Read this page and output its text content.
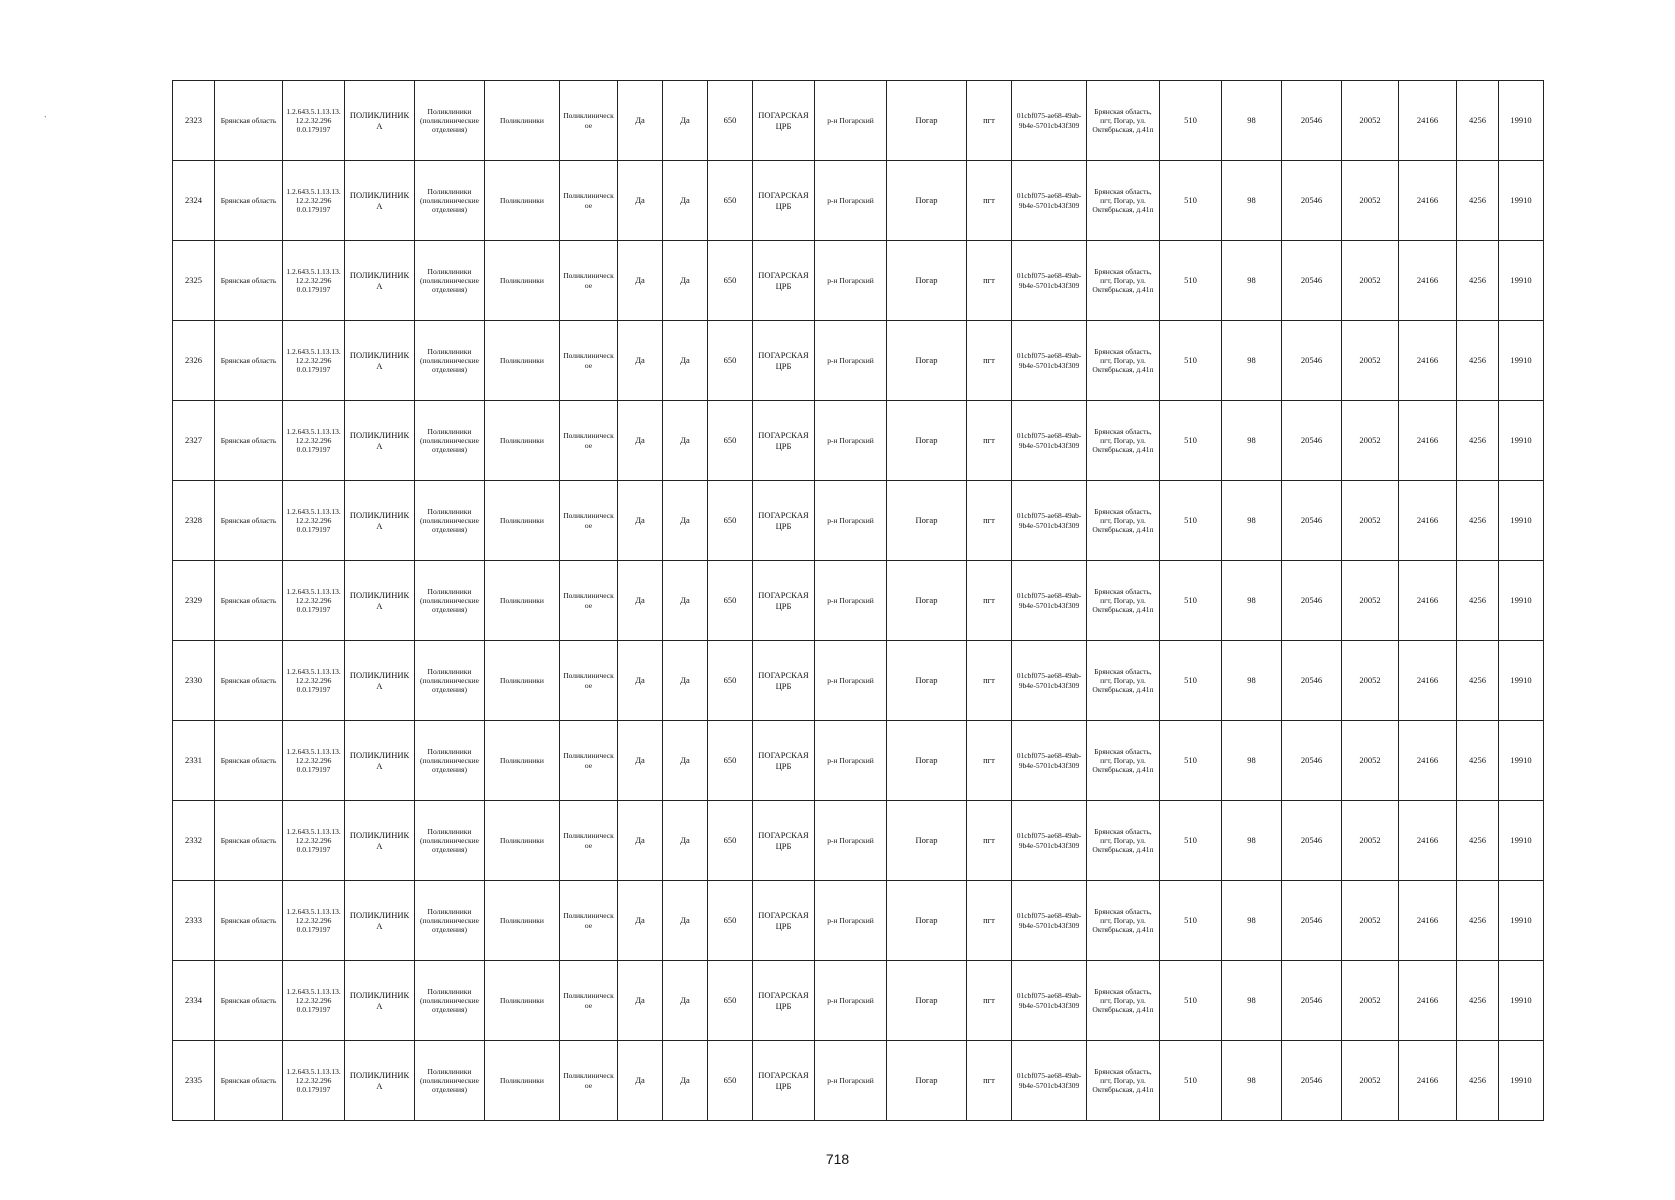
`	2323	Брянская область	1.2.643.5.1.13.13.12.2.32.296 0.0.179197	ПОЛИКЛИНИКА	Поликлиники (поликлинические отделения)	Поликлиники	Поликлиническое	Да	Да	650	ПОГАРСКАЯ ЦРБ	р-н Погарский	Погар	пгт	01cbf075-ae68-49ab-9b4e-5701cb43f309	Брянская область, пгт, Погар, ул. Октябрьская, д.41п	510	98	20546	20052	24166	4256	19910
2324	Брянская область	1.2.643.5.1.13.13.12.2.32.296 0.0.179197	ПОЛИКЛИНИКА	Поликлиники (поликлинические отделения)	Поликлиники	Поликлиническое	Да	Да	650	ПОГАРСКАЯ ЦРБ	р-н Погарский	Погар	пгт	01cbf075-ae68-49ab-9b4e-5701cb43f309	Брянская область, пгт, Погар, ул. Октябрьская, д.41п	510	98	20546	20052	24166	4256	19910
2325	Брянская область	1.2.643.5.1.13.13.12.2.32.296 0.0.179197	ПОЛИКЛИНИКА	Поликлиники (поликлинические отделения)	Поликлиники	Поликлиническое	Да	Да	650	ПОГАРСКАЯ ЦРБ	р-н Погарский	Погар	пгт	01cbf075-ae68-49ab-9b4e-5701cb43f309	Брянская область, пгт, Погар, ул. Октябрьская, д.41п	510	98	20546	20052	24166	4256	19910
2326	Брянская область	1.2.643.5.1.13.13.12.2.32.296 0.0.179197	ПОЛИКЛИНИКА	Поликлиники (поликлинические отделения)	Поликлиники	Поликлиническое	Да	Да	650	ПОГАРСКАЯ ЦРБ	р-н Погарский	Погар	пгт	01cbf075-ae68-49ab-9b4e-5701cb43f309	Брянская область, пгт, Погар, ул. Октябрьская, д.41п	510	98	20546	20052	24166	4256	19910
2327	Брянская область	1.2.643.5.1.13.13.12.2.32.296 0.0.179197	ПОЛИКЛИНИКА	Поликлиники (поликлинические отделения)	Поликлиники	Поликлиническое	Да	Да	650	ПОГАРСКАЯ ЦРБ	р-н Погарский	Погар	пгт	01cbf075-ae68-49ab-9b4e-5701cb43f309	Брянская область, пгт, Погар, ул. Октябрьская, д.41п	510	98	20546	20052	24166	4256	19910
2328	Брянская область	1.2.643.5.1.13.13.12.2.32.296 0.0.179197	ПОЛИКЛИНИКА	Поликлиники (поликлинические отделения)	Поликлиники	Поликлиническое	Да	Да	650	ПОГАРСКАЯ ЦРБ	р-н Погарский	Погар	пгт	01cbf075-ae68-49ab-9b4e-5701cb43f309	Брянская область, пгт, Погар, ул. Октябрьская, д.41п	510	98	20546	20052	24166	4256	19910
2329	Брянская область	1.2.643.5.1.13.13.12.2.32.296 0.0.179197	ПОЛИКЛИНИКА	Поликлиники (поликлинические отделения)	Поликлиники	Поликлиническое	Да	Да	650	ПОГАРСКАЯ ЦРБ	р-н Погарский	Погар	пгт	01cbf075-ae68-49ab-9b4e-5701cb43f309	Брянская область, пгт, Погар, ул. Октябрьская, д.41п	510	98	20546	20052	24166	4256	19910
2330	Брянская область	1.2.643.5.1.13.13.12.2.32.296 0.0.179197	ПОЛИКЛИНИКА	Поликлиники (поликлинические отделения)	Поликлиники	Поликлиническое	Да	Да	650	ПОГАРСКАЯ ЦРБ	р-н Погарский	Погар	пгт	01cbf075-ae68-49ab-9b4e-5701cb43f309	Брянская область, пгт, Погар, ул. Октябрьская, д.41п	510	98	20546	20052	24166	4256	19910
2331	Брянская область	1.2.643.5.1.13.13.12.2.32.296 0.0.179197	ПОЛИКЛИНИКА	Поликлиники (поликлинические отделения)	Поликлиники	Поликлиническое	Да	Да	650	ПОГАРСКАЯ ЦРБ	р-н Погарский	Погар	пгт	01cbf075-ae68-49ab-9b4e-5701cb43f309	Брянская область, пгт, Погар, ул. Октябрьская, д.41п	510	98	20546	20052	24166	4256	19910
2332	Брянская область	1.2.643.5.1.13.13.12.2.32.296 0.0.179197	ПОЛИКЛИНИКА	Поликлиники (поликлинические отделения)	Поликлиники	Поликлиническое	Да	Да	650	ПОГАРСКАЯ ЦРБ	р-н Погарский	Погар	пгт	01cbf075-ae68-49ab-9b4e-5701cb43f309	Брянская область, пгт, Погар, ул. Октябрьская, д.41п	510	98	20546	20052	24166	4256	19910
2333	Брянская область	1.2.643.5.1.13.13.12.2.32.296 0.0.179197	ПОЛИКЛИНИКА	Поликлиники (поликлинические отделения)	Поликлиники	Поликлиническое	Да	Да	650	ПОГАРСКАЯ ЦРБ	р-н Погарский	Погар	пгт	01cbf075-ae68-49ab-9b4e-5701cb43f309	Брянская область, пгт, Погар, ул. Октябрьская, д.41п	510	98	20546	20052	24166	4256	19910
2334	Брянская область	1.2.643.5.1.13.13.12.2.32.296 0.0.179197	ПОЛИКЛИНИКА	Поликлиники (поликлинические отделения)	Поликлиники	Поликлиническое	Да	Да	650	ПОГАРСКАЯ ЦРБ	р-н Погарский	Погар	пгт	01cbf075-ae68-49ab-9b4e-5701cb43f309	Брянская область, пгт, Погар, ул. Октябрьская, д.41п	510	98	20546	20052	24166	4256	19910
2335	Брянская область	1.2.643.5.1.13.13.12.2.32.296 0.0.179197	ПОЛИКЛИНИКА	Поликлиники (поликлинические отделения)	Поликлиники	Поликлиническое	Да	Да	650	ПОГАРСКАЯ ЦРБ	р-н Погарский	Погар	пгт	01cbf075-ae68-49ab-9b4e-5701cb43f309	Брянская область, пгт, Погар, ул. Октябрьская, д.41п	510	98	20546	20052	24166	4256	19910
718
